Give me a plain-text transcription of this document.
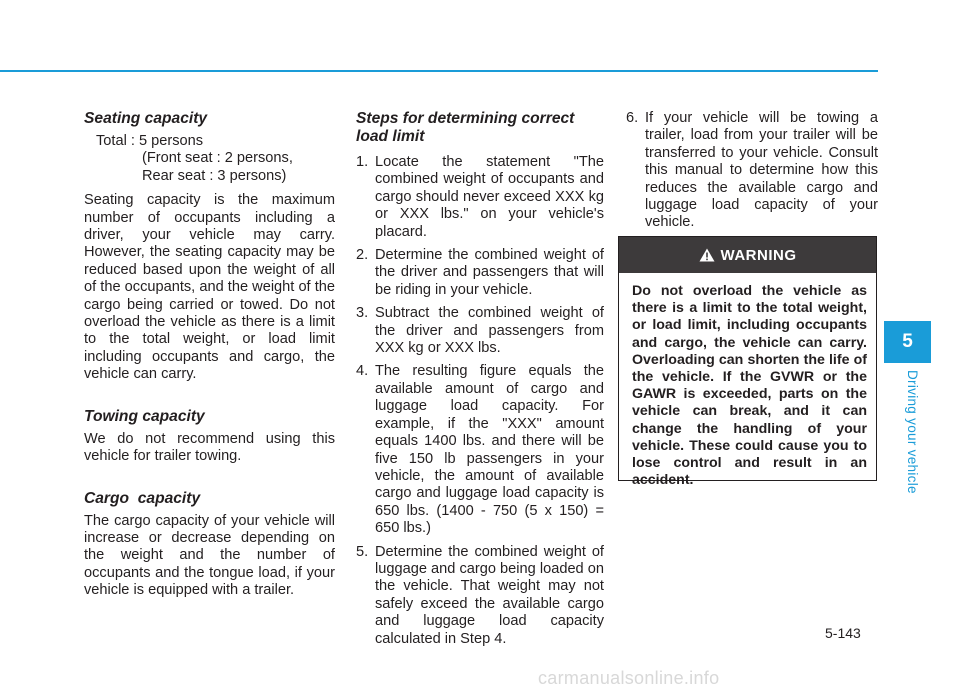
Seating capacity

Total : 5 persons

(Front seat : 2 persons,

Rear seat : 3 persons)

Seating capacity is the maximum number of occupants including a driver, your vehicle may carry. However, the seating capacity may be reduced based upon the weight of all of the occupants, and the weight of the cargo being carried or towed. Do not overload the vehicle as there is a limit to the total weight, or load limit including occupants and cargo, the vehicle can carry.

Towing capacity

We do not recommend using this vehicle for trailer towing.

Cargo  capacity

The cargo capacity of your vehicle will increase or decrease depending on the weight and the number of occupants and the tongue load, if your vehicle is equipped with a trailer.

Steps for determining correct load limit
1. Locate the statement "The combined weight of occupants and cargo should never exceed XXX kg or XXX lbs." on your vehicle's placard.
2. Determine the combined weight of the driver and passengers that will be riding in your vehicle.
3. Subtract the combined weight of the driver and passengers from XXX kg or XXX lbs.
4. The resulting figure equals the available amount of cargo and luggage load capacity. For example, if the "XXX" amount equals 1400 lbs. and there will be five 150 lb passengers in your vehicle, the amount of available cargo and luggage load capacity is 650 lbs. (1400 - 750 (5 x 150) = 650 lbs.)
5. Determine the combined weight of luggage and cargo being loaded on the vehicle. That weight may not safely exceed the available cargo and luggage load capacity calculated in Step 4.
6. If your vehicle will be towing a trailer, load from your trailer will be transferred to your vehicle. Consult this manual to determine how this reduces the available cargo and luggage load capacity of your vehicle.
WARNING
Do not overload the vehicle as there is a limit to the total weight, or load limit, including occupants and cargo, the vehicle can carry. Overloading can shorten the life of the vehicle. If the GVWR or the GAWR is exceeded, parts on the vehicle can break, and it can change the handling of your vehicle. These could cause you to lose control and result in an accident.
5
Driving your vehicle
5-143
carmanualsonline.info
